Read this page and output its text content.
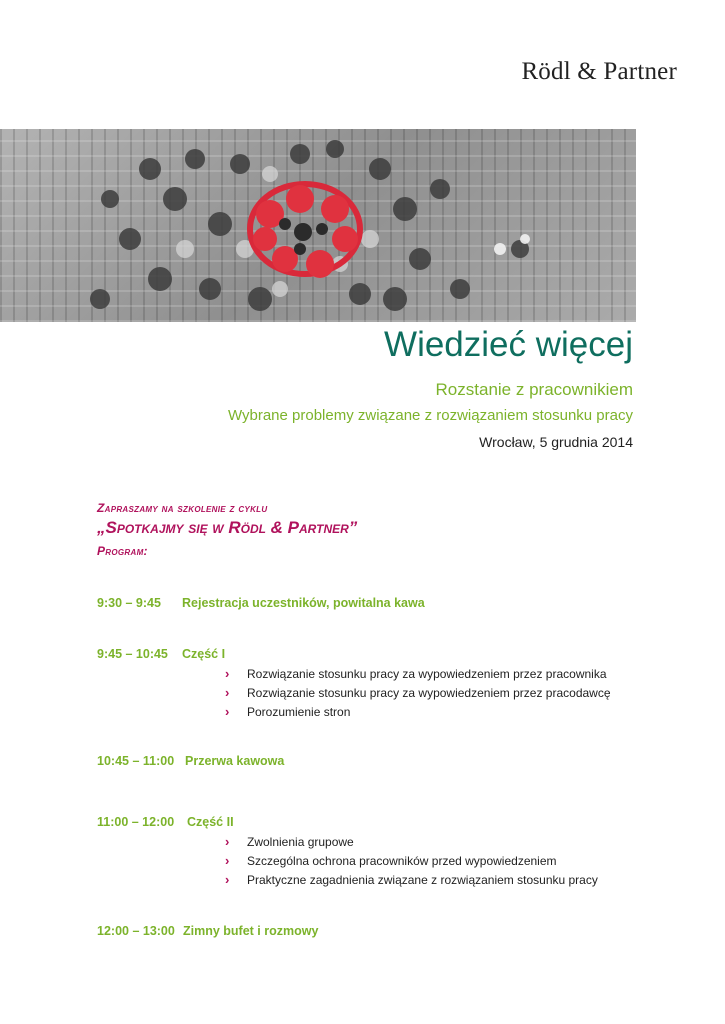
Rödl & Partner
Wiedzieć więcej
Rozstanie z pracownikiem
Wybrane problemy związane z rozwiązaniem stosunku pracy
Wrocław, 5 grudnia 2014
Zapraszamy na szkolenie z cyklu
„Spotkajmy się w Rödl & Partner”
Program:
9:30 – 9:45 Rejestracja uczestników, powitalna kawa
9:45 – 10:45 Część I
› Rozwiązanie stosunku pracy za wypowiedzeniem przez pracownika
› Rozwiązanie stosunku pracy za wypowiedzeniem przez pracodawcę
› Porozumienie stron
10:45 – 11:00 Przerwa kawowa
11:00 – 12:00 Część II
› Zwolnienia grupowe
› Szczególna ochrona pracowników przed wypowiedzeniem
› Praktyczne zagadnienia związane z rozwiązaniem stosunku pracy
12:00 – 13:00 Zimny bufet i rozmowy
